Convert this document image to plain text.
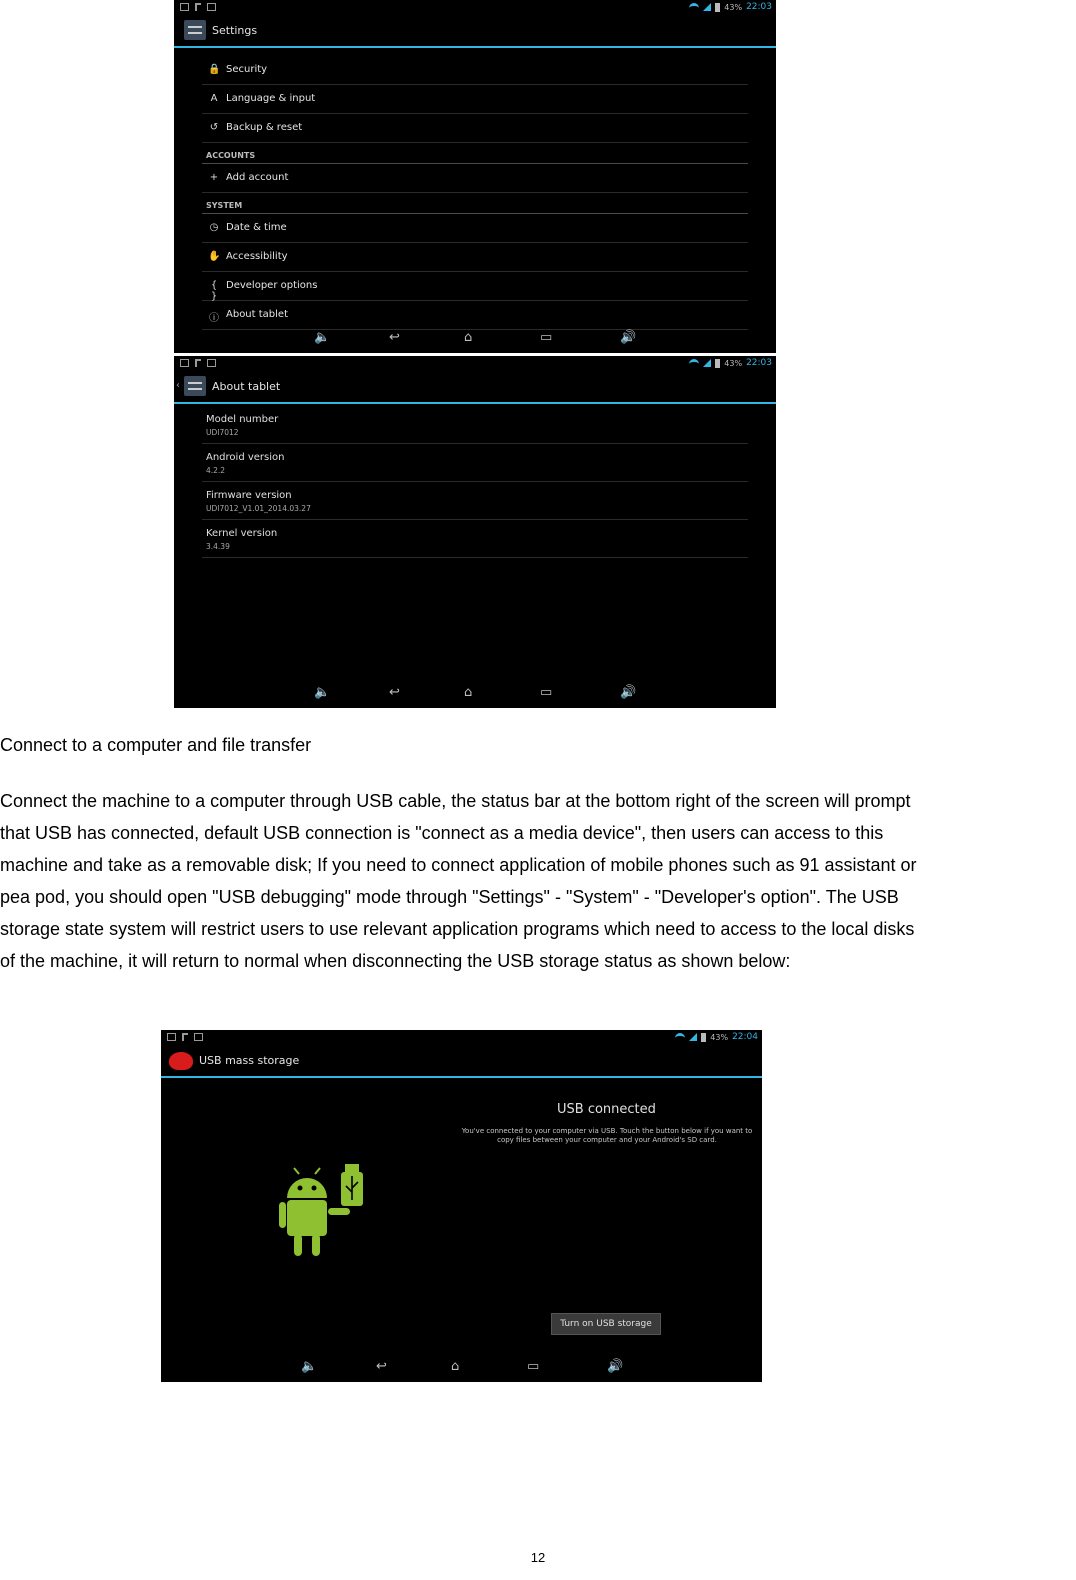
43% 22:03
Settings
🔒 Security
A Language & input
↺ Backup & reset
ACCOUNTS
+ Add account
SYSTEM
◷ Date & time
✋ Accessibility
{ }
Developer options
ⓘ About tablet
🔈	↩	⌂	▭	🔊
43% 22:03
‹	About tablet
Model number
UDI7012
Android version
4.2.2
Firmware version
UDI7012_V1.01_2014.03.27
Kernel version
3.4.39
🔈	↩	⌂	▭	🔊
Connect to a computer and file transfer
Connect the machine to a computer through USB cable, the status bar at the bottom right of the screen will prompt
that USB has connected, default USB connection is "connect as a media device", then users can access to this
machine and take as a removable disk; If you need to connect application of mobile phones such as 91 assistant or
pea pod, you should open "USB debugging" mode through "Settings" - "System" - "Developer's option". The USB
storage state system will restrict users to use relevant application programs which need to access to the local disks
of the machine, it will return to normal when disconnecting the USB storage status as shown below:
43% 22:04
USB mass storage
USB connected
You've connected to your computer via USB. Touch the button below if you want to copy files between your computer and your Android's SD card.
Turn on USB storage
🔈	↩	⌂	▭	🔊
12
